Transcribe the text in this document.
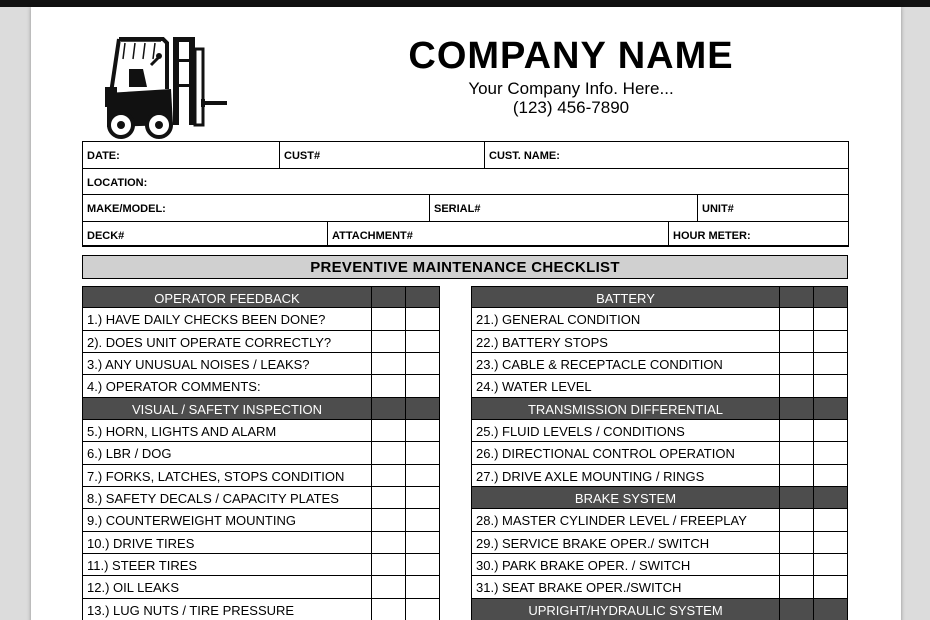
COMPANY NAME
Your Company Info. Here...
(123) 456-7890
DATE:	CUST#	CUST. NAME:
LOCATION:
MAKE/MODEL:	SERIAL#	UNIT#
DECK#	ATTACHMENT#	HOUR METER:
PREVENTIVE MAINTENANCE CHECKLIST
OPERATOR FEEDBACK
1.) HAVE DAILY CHECKS BEEN DONE?
2). DOES UNIT OPERATE CORRECTLY?
3.) ANY UNUSUAL NOISES / LEAKS?
4.) OPERATOR COMMENTS:
VISUAL / SAFETY INSPECTION
5.) HORN, LIGHTS AND ALARM
6.) LBR / DOG
7.) FORKS, LATCHES, STOPS CONDITION
8.) SAFETY DECALS / CAPACITY PLATES
9.) COUNTERWEIGHT MOUNTING
10.) DRIVE TIRES
11.) STEER TIRES
12.) OIL LEAKS
13.) LUG NUTS / TIRE PRESSURE
BATTERY
21.) GENERAL CONDITION
22.) BATTERY STOPS
23.) CABLE & RECEPTACLE CONDITION
24.) WATER LEVEL
TRANSMISSION DIFFERENTIAL
25.) FLUID LEVELS / CONDITIONS
26.) DIRECTIONAL CONTROL OPERATION
27.) DRIVE AXLE MOUNTING / RINGS
BRAKE SYSTEM
28.) MASTER CYLINDER LEVEL / FREEPLAY
29.) SERVICE BRAKE OPER./ SWITCH
30.) PARK BRAKE OPER. / SWITCH
31.) SEAT BRAKE OPER./SWITCH
UPRIGHT/HYDRAULIC SYSTEM
